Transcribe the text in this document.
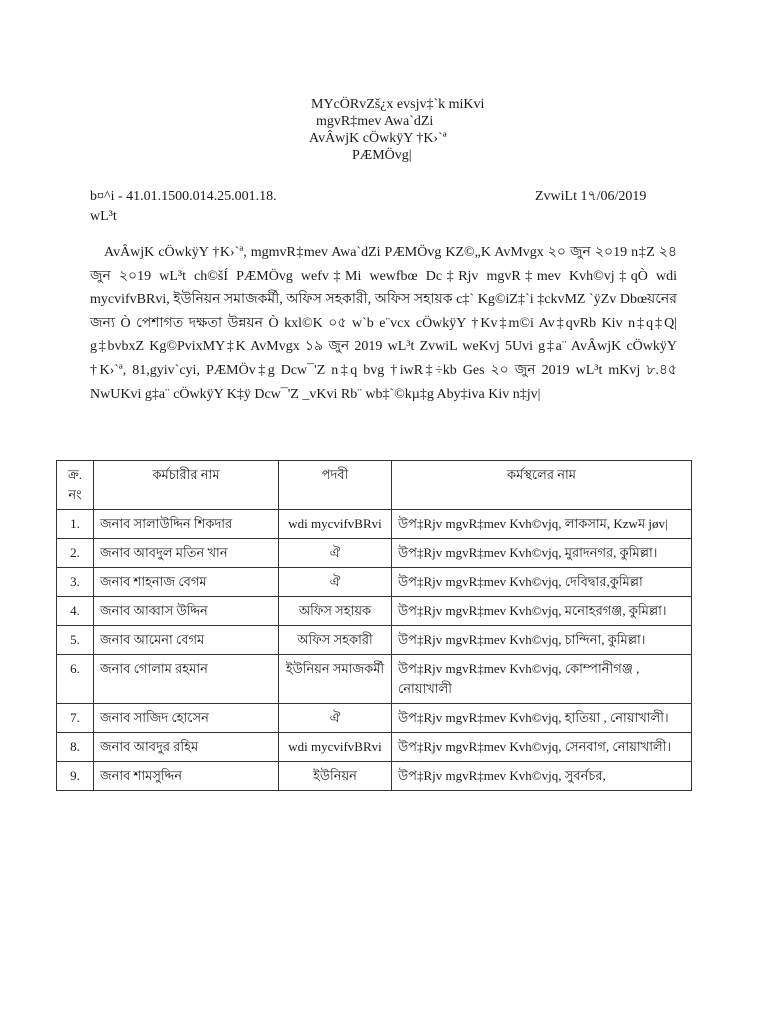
MYcÖRvZš¿x evsjv‡`k miKvi
mgvR‡mev Awa`dZi
AvÂwjK cÖwkÿY †K›`ª
PÆMÖvg|
b¤^i - 41.01.1500.014.25.001.18.	ZvwiLt 1৭/06/2019
wL³t

AvÂwjK cÖwkÿY †K›`ª, mgmvR‡mev Awa`dZi PÆMÖvg KZ©„K AvMvgx ২০ জুন ২০19 n‡Z ২৪ জুন ২০19 wL³t ch©šÍ PÆMÖvg wefv‡Mi wewfbœ Dc‡Rjv mgvR‡mev Kvh©vj‡qÒ wdi mycvifvBRvi, ইউনিয়ন সমাজকর্মী, অফিস সহকারী, অফিস সহায়ক c‡` Kg©iZ‡`i ‡ckvMZ `ÿZv Dbœয়নের জন্য Ò পেশাগত দক্ষতা উন্নয়ন Ò kxl©K ০৫ w`b e¨vcx cÖwkÿY †Kv‡m©i Av‡qvRb Kiv n‡q‡Q| g‡bvbxZ Kg©PvixMY‡K AvMvgx ১৯ জুন 2019 wL³t ZvwiL weKvj 5Uvi g‡a¨ AvÂwjK cÖwkÿY †K›`ª, 81,gyiv`cyi, PÆMÖv‡g Dcw¯'Z n‡q bvg †iwR‡÷kb Ges ২০ জুন 2019 wL³t mKvj ৮.৪৫ NwUKvi g‡a¨ cÖwkÿY K‡ÿ Dcw¯'Z _vKvi Rb¨ wb‡`©kµ‡g Aby‡iva Kiv n‡jv|

ক্র. নং	কর্মচারীর নাম	পদবী	কর্মস্থলের নাম
1.	জনাব সালাউদ্দিন শিকদার	wdi mycvifvBRvi	উপ‡Rjv mgvR‡mev Kvh©vjq, লাকসাম, Kzwম jøv|
2.	জনাব আবদুল মতিন খান	ঐ	উপ‡Rjv mgvR‡mev Kvh©vjq, মুরাদনগর, কুমিল্লা।
3.	জনাব শাহনাজ বেগম	ঐ	উপ‡Rjv mgvR‡mev Kvh©vjq, দেবিদ্বার,কুমিল্লা
4.	জনাব আব্বাস উদ্দিন	অফিস সহায়ক	উপ‡Rjv mgvR‡mev Kvh©vjq, মনোহরগঞ্জ, কুমিল্লা।
5.	জনাব আমেনা বেগম	অফিস সহকারী	উপ‡Rjv mgvR‡mev Kvh©vjq, চান্দিনা, কুমিল্লা।
6.	জনাব গোলাম রহমান	ইউনিয়ন সমাজকর্মী	উপ‡Rjv mgvR‡mev Kvh©vjq, কোম্পানীগঞ্জ , নোয়াখালী
7.	জনাব সাজিদ হোসেন	ঐ	উপ‡Rjv mgvR‡mev Kvh©vjq, হাতিয়া , নোয়াখালী।
8.	জনাব আবদুর রহিম	wdi mycvifvBRvi	উপ‡Rjv mgvR‡mev Kvh©vjq, সেনবাগ, নোয়াখালী।
9.	জনাব শামসুদ্দিন	ইউনিয়ন	উপ‡Rjv mgvR‡mev Kvh©vjq, সুবর্নচর,
